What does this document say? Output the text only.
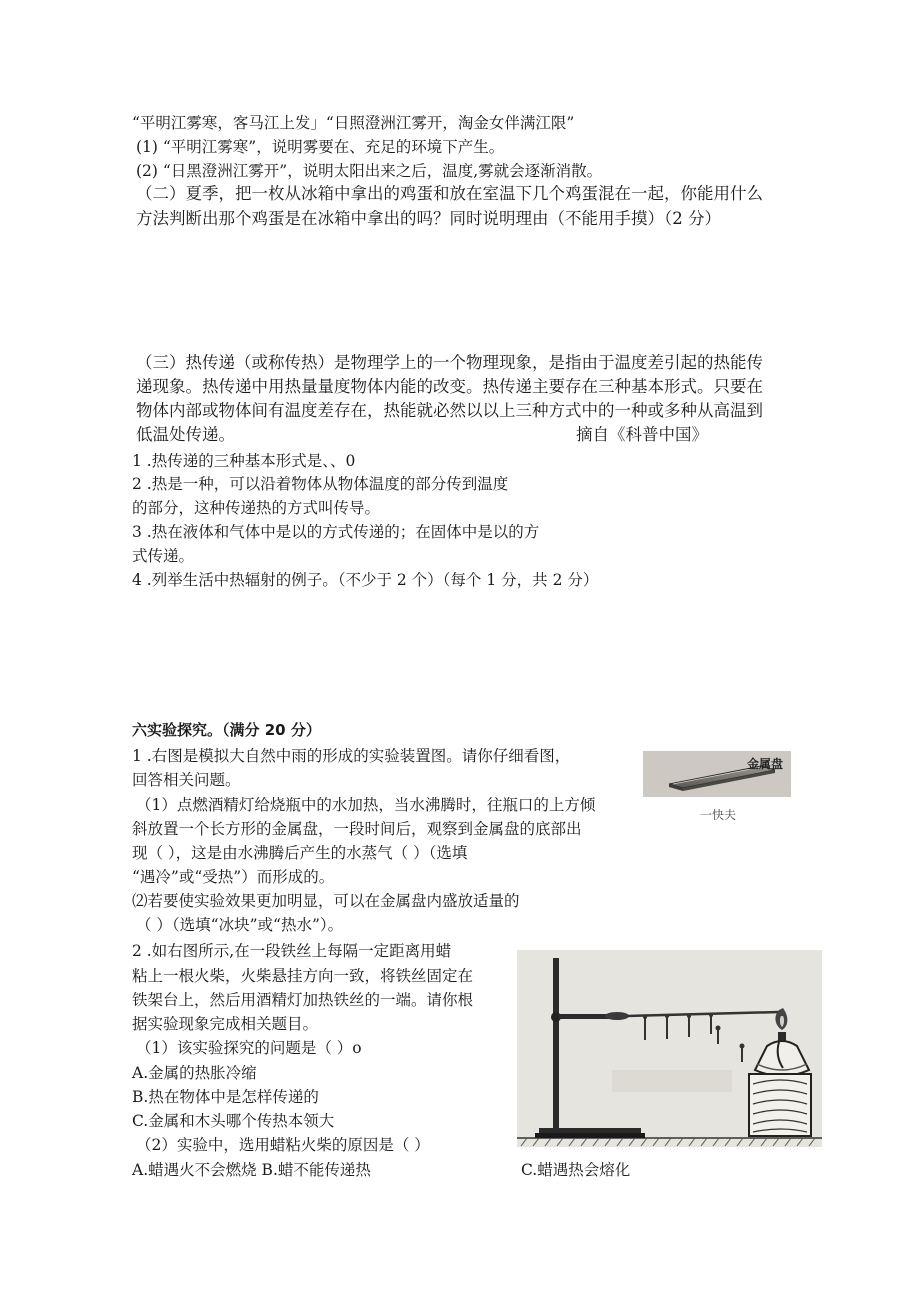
“平明江雾寒，客马江上发」“日照澄洲江雾开，淘金女伴满江限”
(1) “平明江雾寒”，说明雾要在、充足的环境下产生。
(2) “日黑澄洲江雾开”，说明太阳出来之后，温度,雾就会逐渐消散。
（二）夏季，把一枚从冰箱中拿出的鸡蛋和放在室温下几个鸡蛋混在一起，你能用什么
方法判断出那个鸡蛋是在冰箱中拿出的吗？同时说明理由（不能用手摸）（2 分）
（三）热传递（或称传热）是物理学上的一个物理现象，是指由于温度差引起的热能传
递现象。热传递中用热量量度物体内能的改变。热传递主要存在三种基本形式。只要在
物体内部或物体间有温度差存在，热能就必然以以上三种方式中的一种或多种从高温到
低温处传递。	摘自《科普中国》
1 .热传递的三种基本形式是、、0
2 .热是一种，可以沿着物体从物体温度的部分传到温度
的部分，这种传递热的方式叫传导。
3 .热在液体和气体中是以的方式传递的；在固体中是以的方
式传递。
4 .列举生活中热辐射的例子。（不少于 2 个）（每个 1 分，共 2 分）
六实验探究。（满分 20 分）
1 .右图是模拟大自然中雨的形成的实验装置图。请你仔细看图，
回答相关问题。
（1）点燃酒精灯给烧瓶中的水加热，当水沸腾时，往瓶口的上方倾
斜放置一个长方形的金属盘，一段时间后，观察到金属盘的底部出
现（ ），这是由水沸腾后产生的水蒸气（ ）（选填
“遇冷”或“受热”）而形成的。
⑵若要使实验效果更加明显，可以在金属盘内盛放适量的
（ ）（选填“冰块”或“热水”）。
金属盘
一快夫
2 .如右图所示,在一段铁丝上每隔一定距离用蜡
粘上一根火柴，火柴悬挂方向一致，将铁丝固定在
铁架台上，然后用酒精灯加热铁丝的一端。请你根
据实验现象完成相关题目。
（1）该实验探究的问题是（ ）o
A.金属的热胀冷缩
B.热在物体中是怎样传递的
C.金属和木头哪个传热本领大
（2）实验中，选用蜡粘火柴的原因是（ ）
A.蜡遇火不会燃烧 B.蜡不能传递热	C.蜡遇热会熔化
